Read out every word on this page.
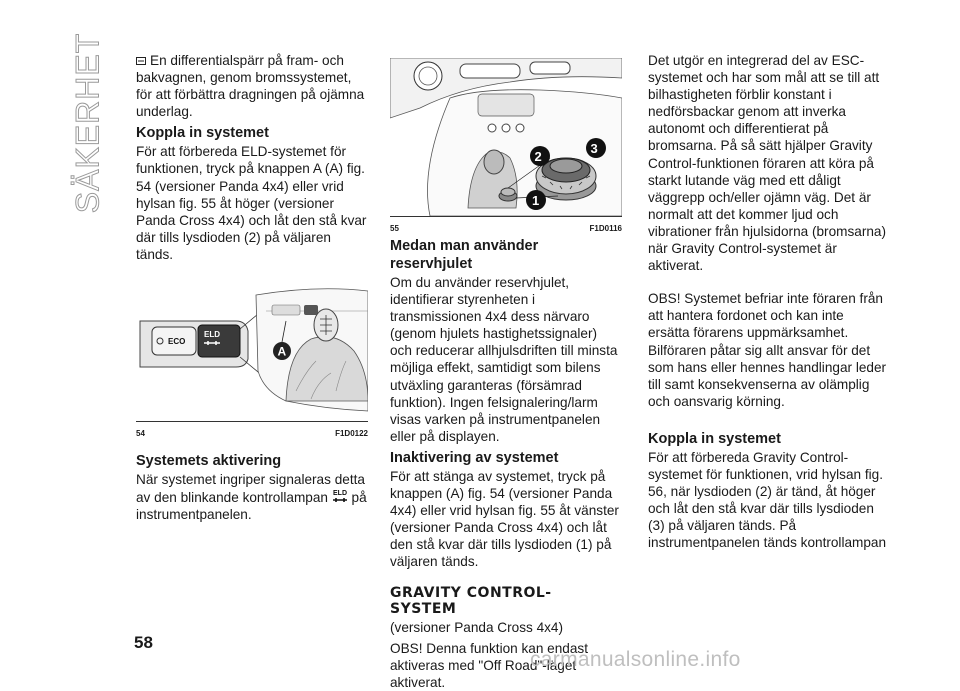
SÄKERHET	En differentialspärr på fram- och bakvagnen, genom bromssystemet, för att förbättra dragningen på ojämna underlag.

Koppla in systemet

För att förbereda ELD-systemet för funktionen, tryck på knappen A (A) fig. 54 (versioner Panda 4x4) eller vrid hylsan fig. 55 åt höger (versioner Panda Cross 4x4) och låt den stå kvar där tills lysdioden (2) på väljaren tänds.

ECO
ELD
A
54	F1D0122
Systemets aktivering

När systemet ingriper signaleras detta av den blinkande kontrollampan ELD på instrumentpanelen.

2
3
1
55	F1D0116
Medan man använder reservhjulet

Om du använder reservhjulet, identifierar styrenheten i transmissionen 4x4 dess närvaro (genom hjulets hastighetssignaler) och reducerar allhjulsdriften till minsta möjliga effekt, samtidigt som bilens utväxling garanteras (försämrad funktion). Ingen felsignalering/larm visas varken på instrumentpanelen eller på displayen.

Inaktivering av systemet

För att stänga av systemet, tryck på knappen (A) fig. 54 (versioner Panda 4x4) eller vrid hylsan fig. 55 åt vänster (versioner Panda Cross 4x4) och låt den stå kvar där tills lysdioden (1) på väljaren tänds.

GRAVITY CONTROL-
SYSTEM

(versioner Panda Cross 4x4)

OBS! Denna funktion kan endast aktiveras med "Off Road"-läget aktiverat.

Det utgör en integrerad del av ESC-systemet och har som mål att se till att bilhastigheten förblir konstant i nedförsbackar genom att inverka autonomt och differentierat på bromsarna. På så sätt hjälper Gravity Control-funktionen föraren att köra på starkt lutande väg med ett dåligt väggrepp och/eller ojämn väg. Det är normalt att det kommer ljud och vibrationer från hjulsidorna (bromsarna) när Gravity Control-systemet är aktiverat.

OBS! Systemet befriar inte föraren från att hantera fordonet och kan inte ersätta förarens uppmärksamhet. Bilföraren påtar sig allt ansvar för det som hans eller hennes handlingar leder till samt konsekvenserna av olämplig och oansvarig körning.

Koppla in systemet

För att förbereda Gravity Control-systemet för funktionen, vrid hylsan fig. 56, när lysdioden (2) är tänd, åt höger och låt den stå kvar där tills lysdioden (3) på väljaren tänds. På instrumentpanelen tänds kontrollampan

58
carmanualsonline.info
